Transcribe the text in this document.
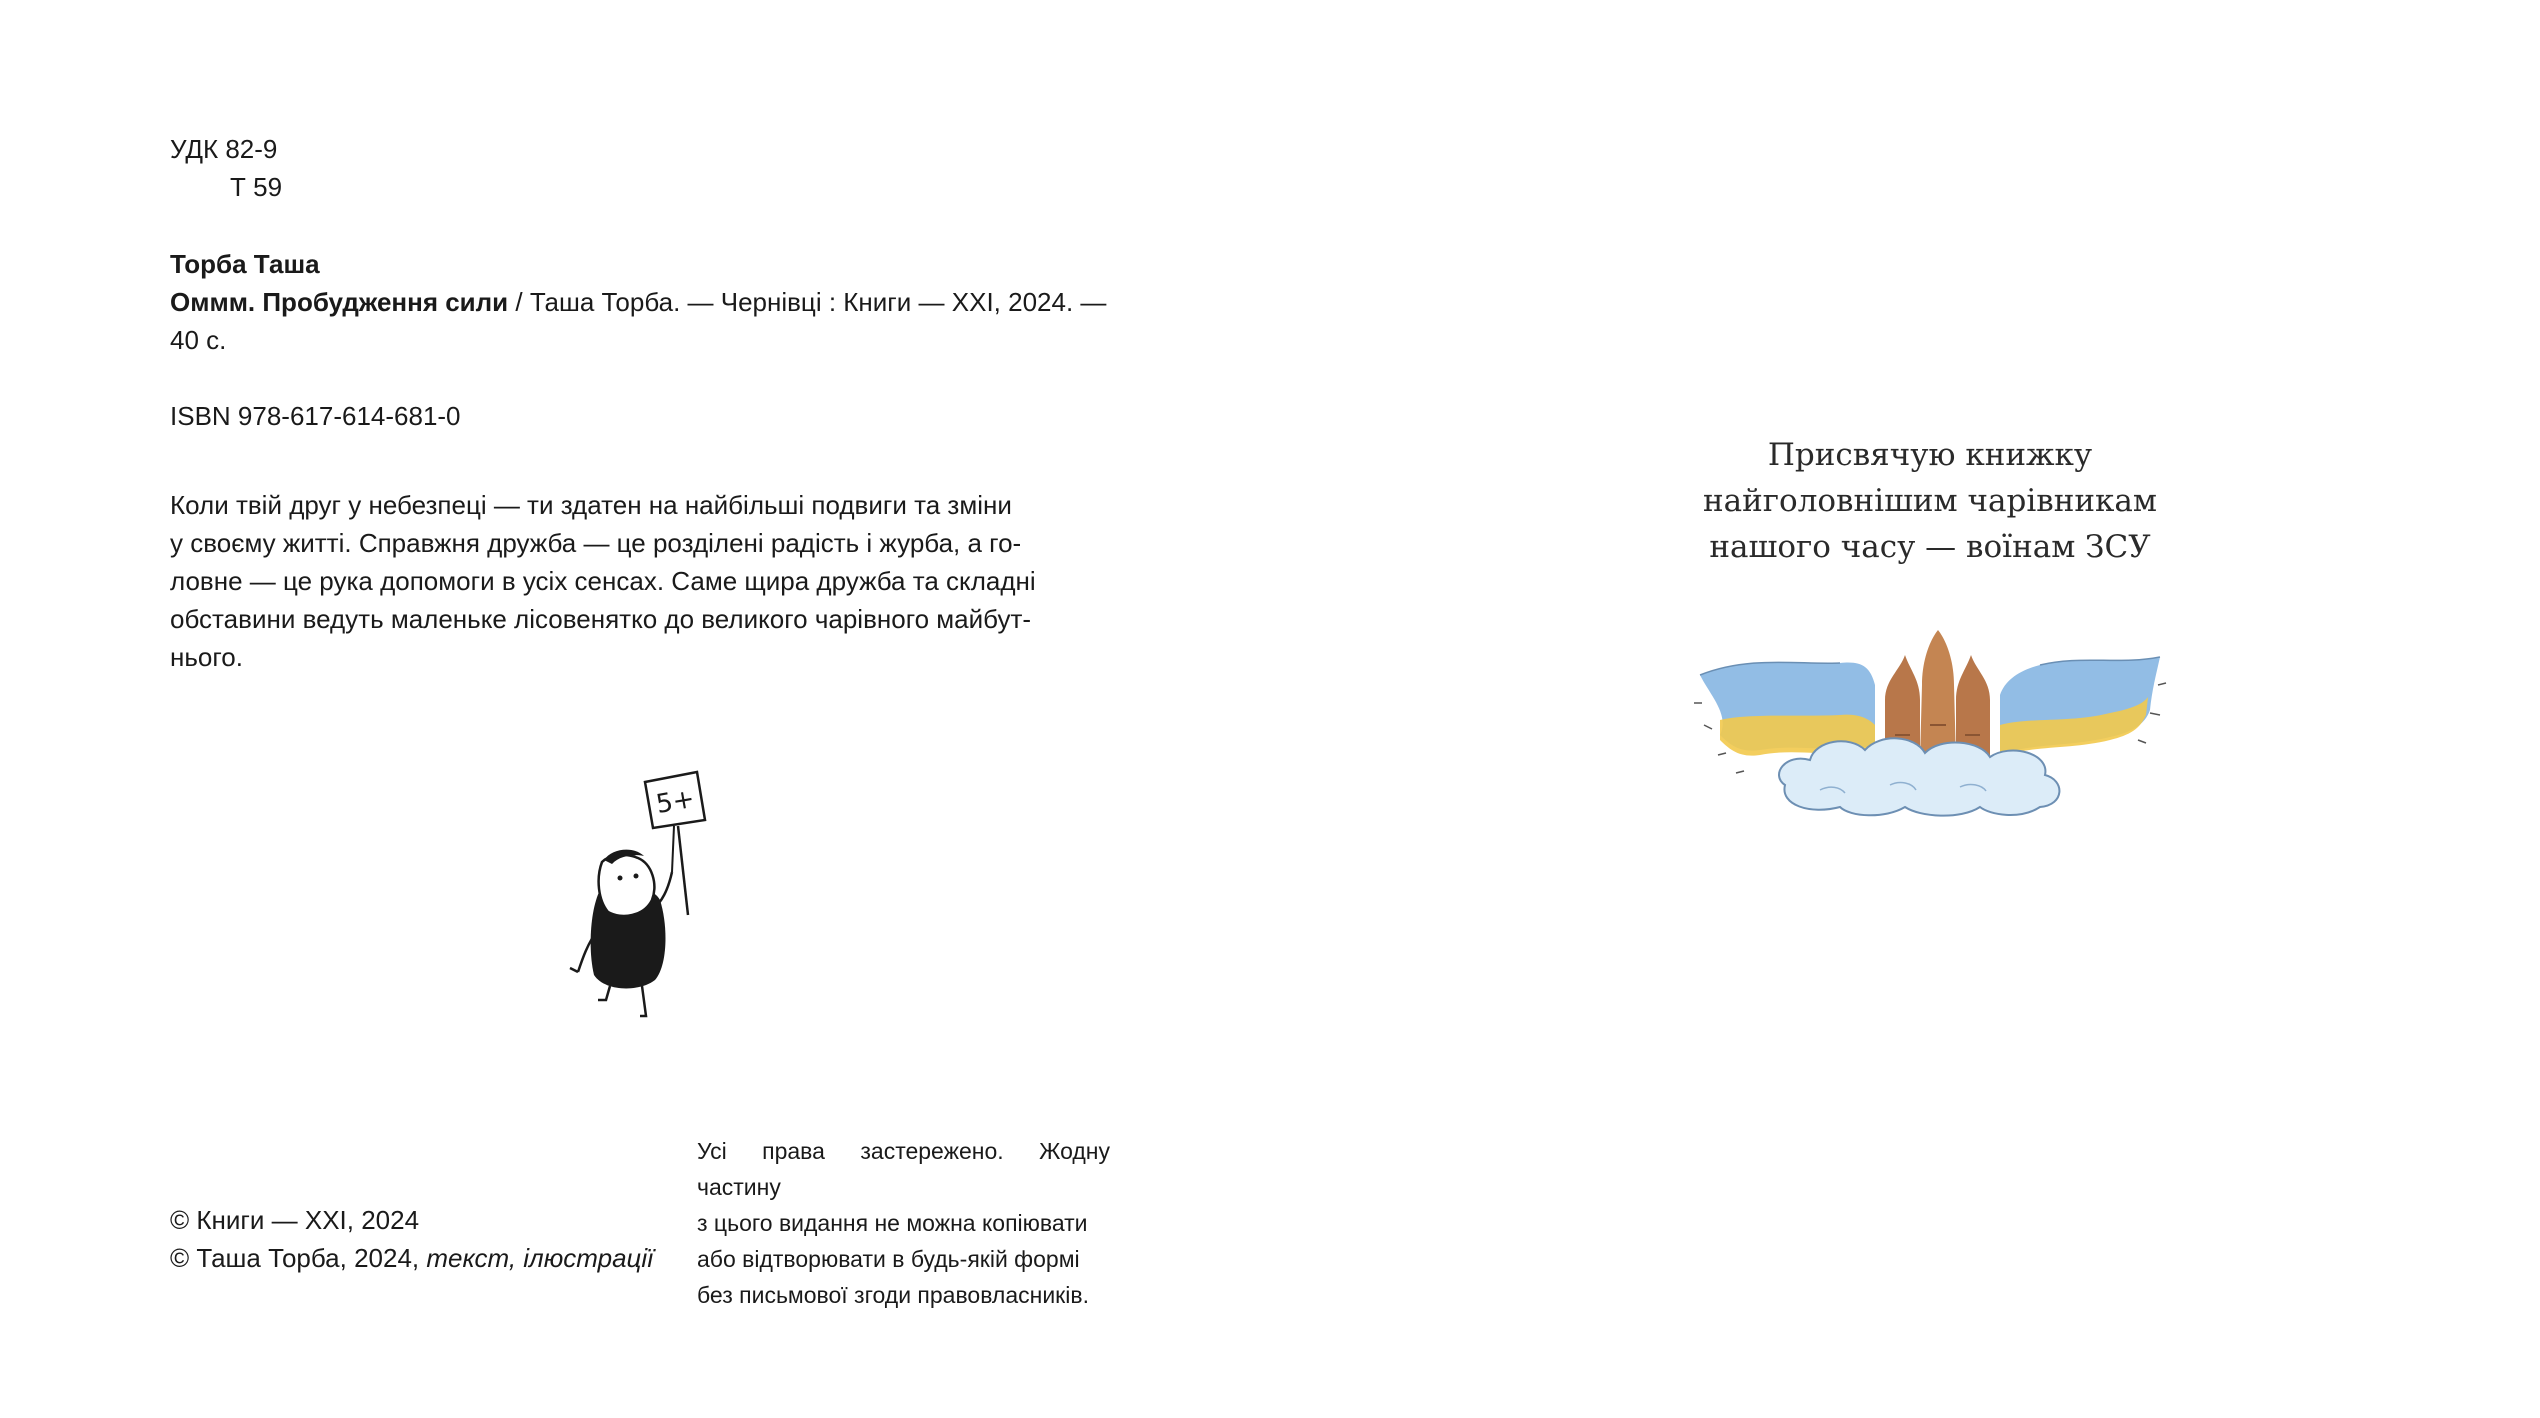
УДК 82-9
Т 59
Торба Таша
Оммм. Пробудження сили / Таша Торба. — Чернівці : Книги — ХХІ, 2024. —
40 с.
ISBN 978-617-614-681-0
Коли твій друг у небезпеці — ти здатен на найбільші подвиги та зміни
у своєму житті. Справжня дружба — це розділені радість і журба, а го-
ловне — це рука допомоги в усіх сенсах. Саме щира дружба та складні
обставини ведуть маленьке лісовенятко до великого чарівного майбут-
нього.
5+
© Книги — ХХІ, 2024
© Таша Торба, 2024, текст, ілюстрації
Усі права застережено. Жодну частину
з цього видання не можна копіювати
або відтворювати в будь-якій формі
без письмової згоди правовласників.
Присвячую книжку
найголовнішим чарівникам
нашого часу — воїнам ЗСУ
